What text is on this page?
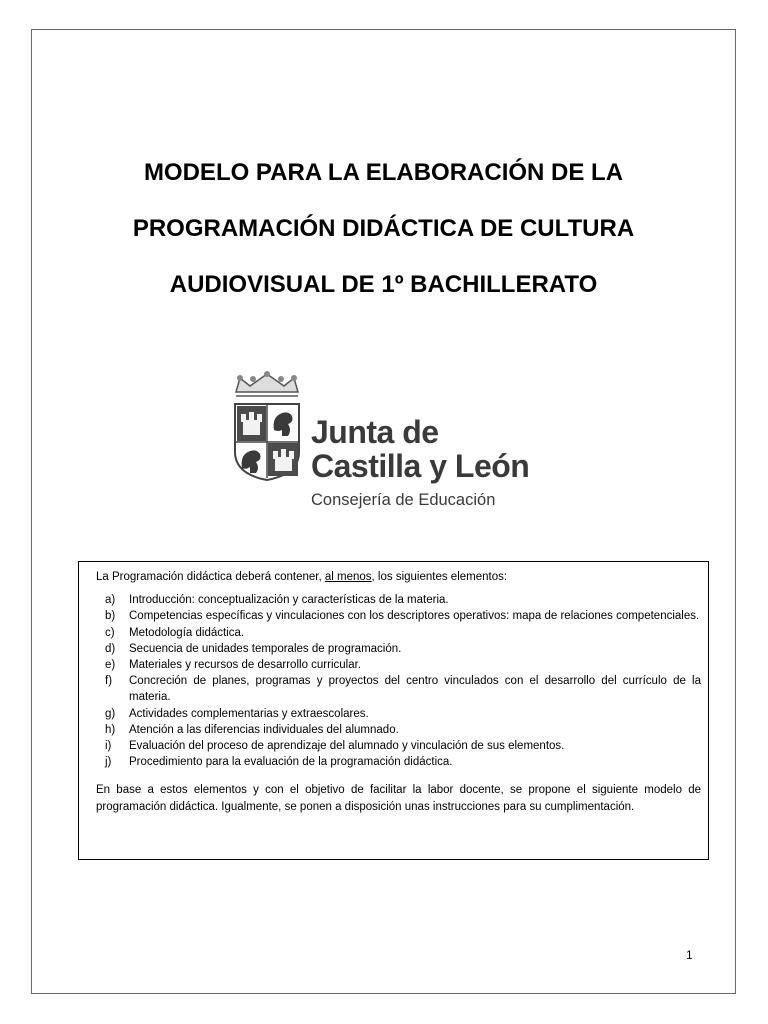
MODELO PARA LA ELABORACIÓN DE LA
PROGRAMACIÓN DIDÁCTICA DE CULTURA
AUDIOVISUAL DE 1º BACHILLERATO
Junta de
Castilla y León
Consejería de Educación

La Programación didáctica deberá contener, al menos, los siguientes elementos:

a) Introducción: conceptualización y características de la materia.
b) Competencias específicas y vinculaciones con los descriptores operativos: mapa de relaciones competenciales.
c) Metodología didáctica.
d) Secuencia de unidades temporales de programación.
e) Materiales y recursos de desarrollo curricular.
f) Concreción de planes, programas y proyectos del centro vinculados con el desarrollo del currículo de la materia.
g) Actividades complementarias y extraescolares.
h) Atención a las diferencias individuales del alumnado.
i) Evaluación del proceso de aprendizaje del alumnado y vinculación de sus elementos.
j) Procedimiento para la evaluación de la programación didáctica.

En base a estos elementos y con el objetivo de facilitar la labor docente, se propone el siguiente modelo de programación didáctica. Igualmente, se ponen a disposición unas instrucciones para su cumplimentación.

1
